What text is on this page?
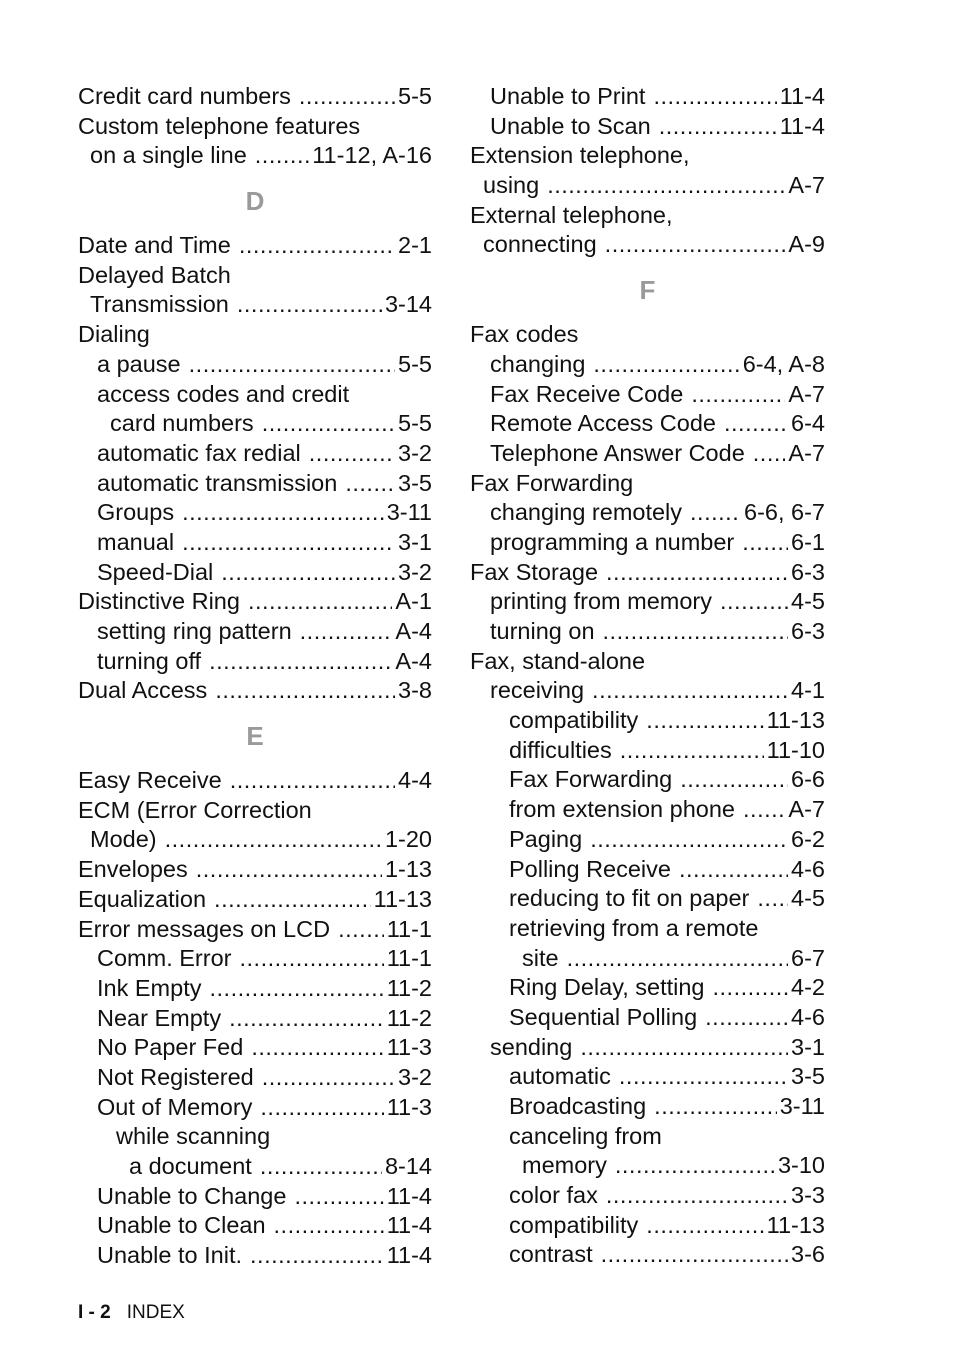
Credit card numbers .....	5-5
Custom telephone features
on a single line .....	11-12, A-16
D
Date and Time .....	2-1
Delayed Batch
Transmission .....	3-14
Dialing
a pause .....	5-5
access codes and credit
card numbers .....	5-5
automatic fax redial .....	3-2
automatic transmission .....	3-5
Groups .....	3-11
manual .....	3-1
Speed-Dial .....	3-2
Distinctive Ring .....	A-1
setting ring pattern .....	A-4
turning off .....	A-4
Dual Access .....	3-8
E
Easy Receive .....	4-4
ECM (Error Correction
Mode) .....	1-20
Envelopes .....	1-13
Equalization .....	11-13
Error messages on LCD ..... 11-1
Comm. Error .....	11-1
Ink Empty .....	11-2
Near Empty .....	11-2
No Paper Fed .....	11-3
Not Registered .....	3-2
Out of Memory .....	11-3
while scanning
a document .....	8-14
Unable to Change .....	11-4
Unable to Clean .....	11-4
Unable to Init. .....	11-4
Unable to Print .....	11-4
Unable to Scan .....	11-4
Extension telephone,
using .....	A-7
External telephone,
connecting .....	A-9
F
Fax codes
changing .....	6-4, A-8
Fax Receive Code .....	A-7
Remote Access Code .....	6-4
Telephone Answer Code ..... A-7
Fax Forwarding
changing remotely .....	6-6, 6-7
programming a number ..... 6-1
Fax Storage .....	6-3
printing from memory .....	4-5
turning on .....	6-3
Fax, stand-alone
receiving .....	4-1
compatibility .....	11-13
difficulties .....	11-10
Fax Forwarding .....	6-6
from extension phone ..... A-7
Paging .....	6-2
Polling Receive .....	4-6
reducing to fit on paper ..... 4-5
retrieving from a remote
site .....	6-7
Ring Delay, setting .....	4-2
Sequential Polling .....	4-6
sending .....	3-1
automatic .....	3-5
Broadcasting .....	3-11
canceling from
memory .....	3-10
color fax .....	3-3
compatibility .....	11-13
contrast .....	3-6
I - 2 INDEX
